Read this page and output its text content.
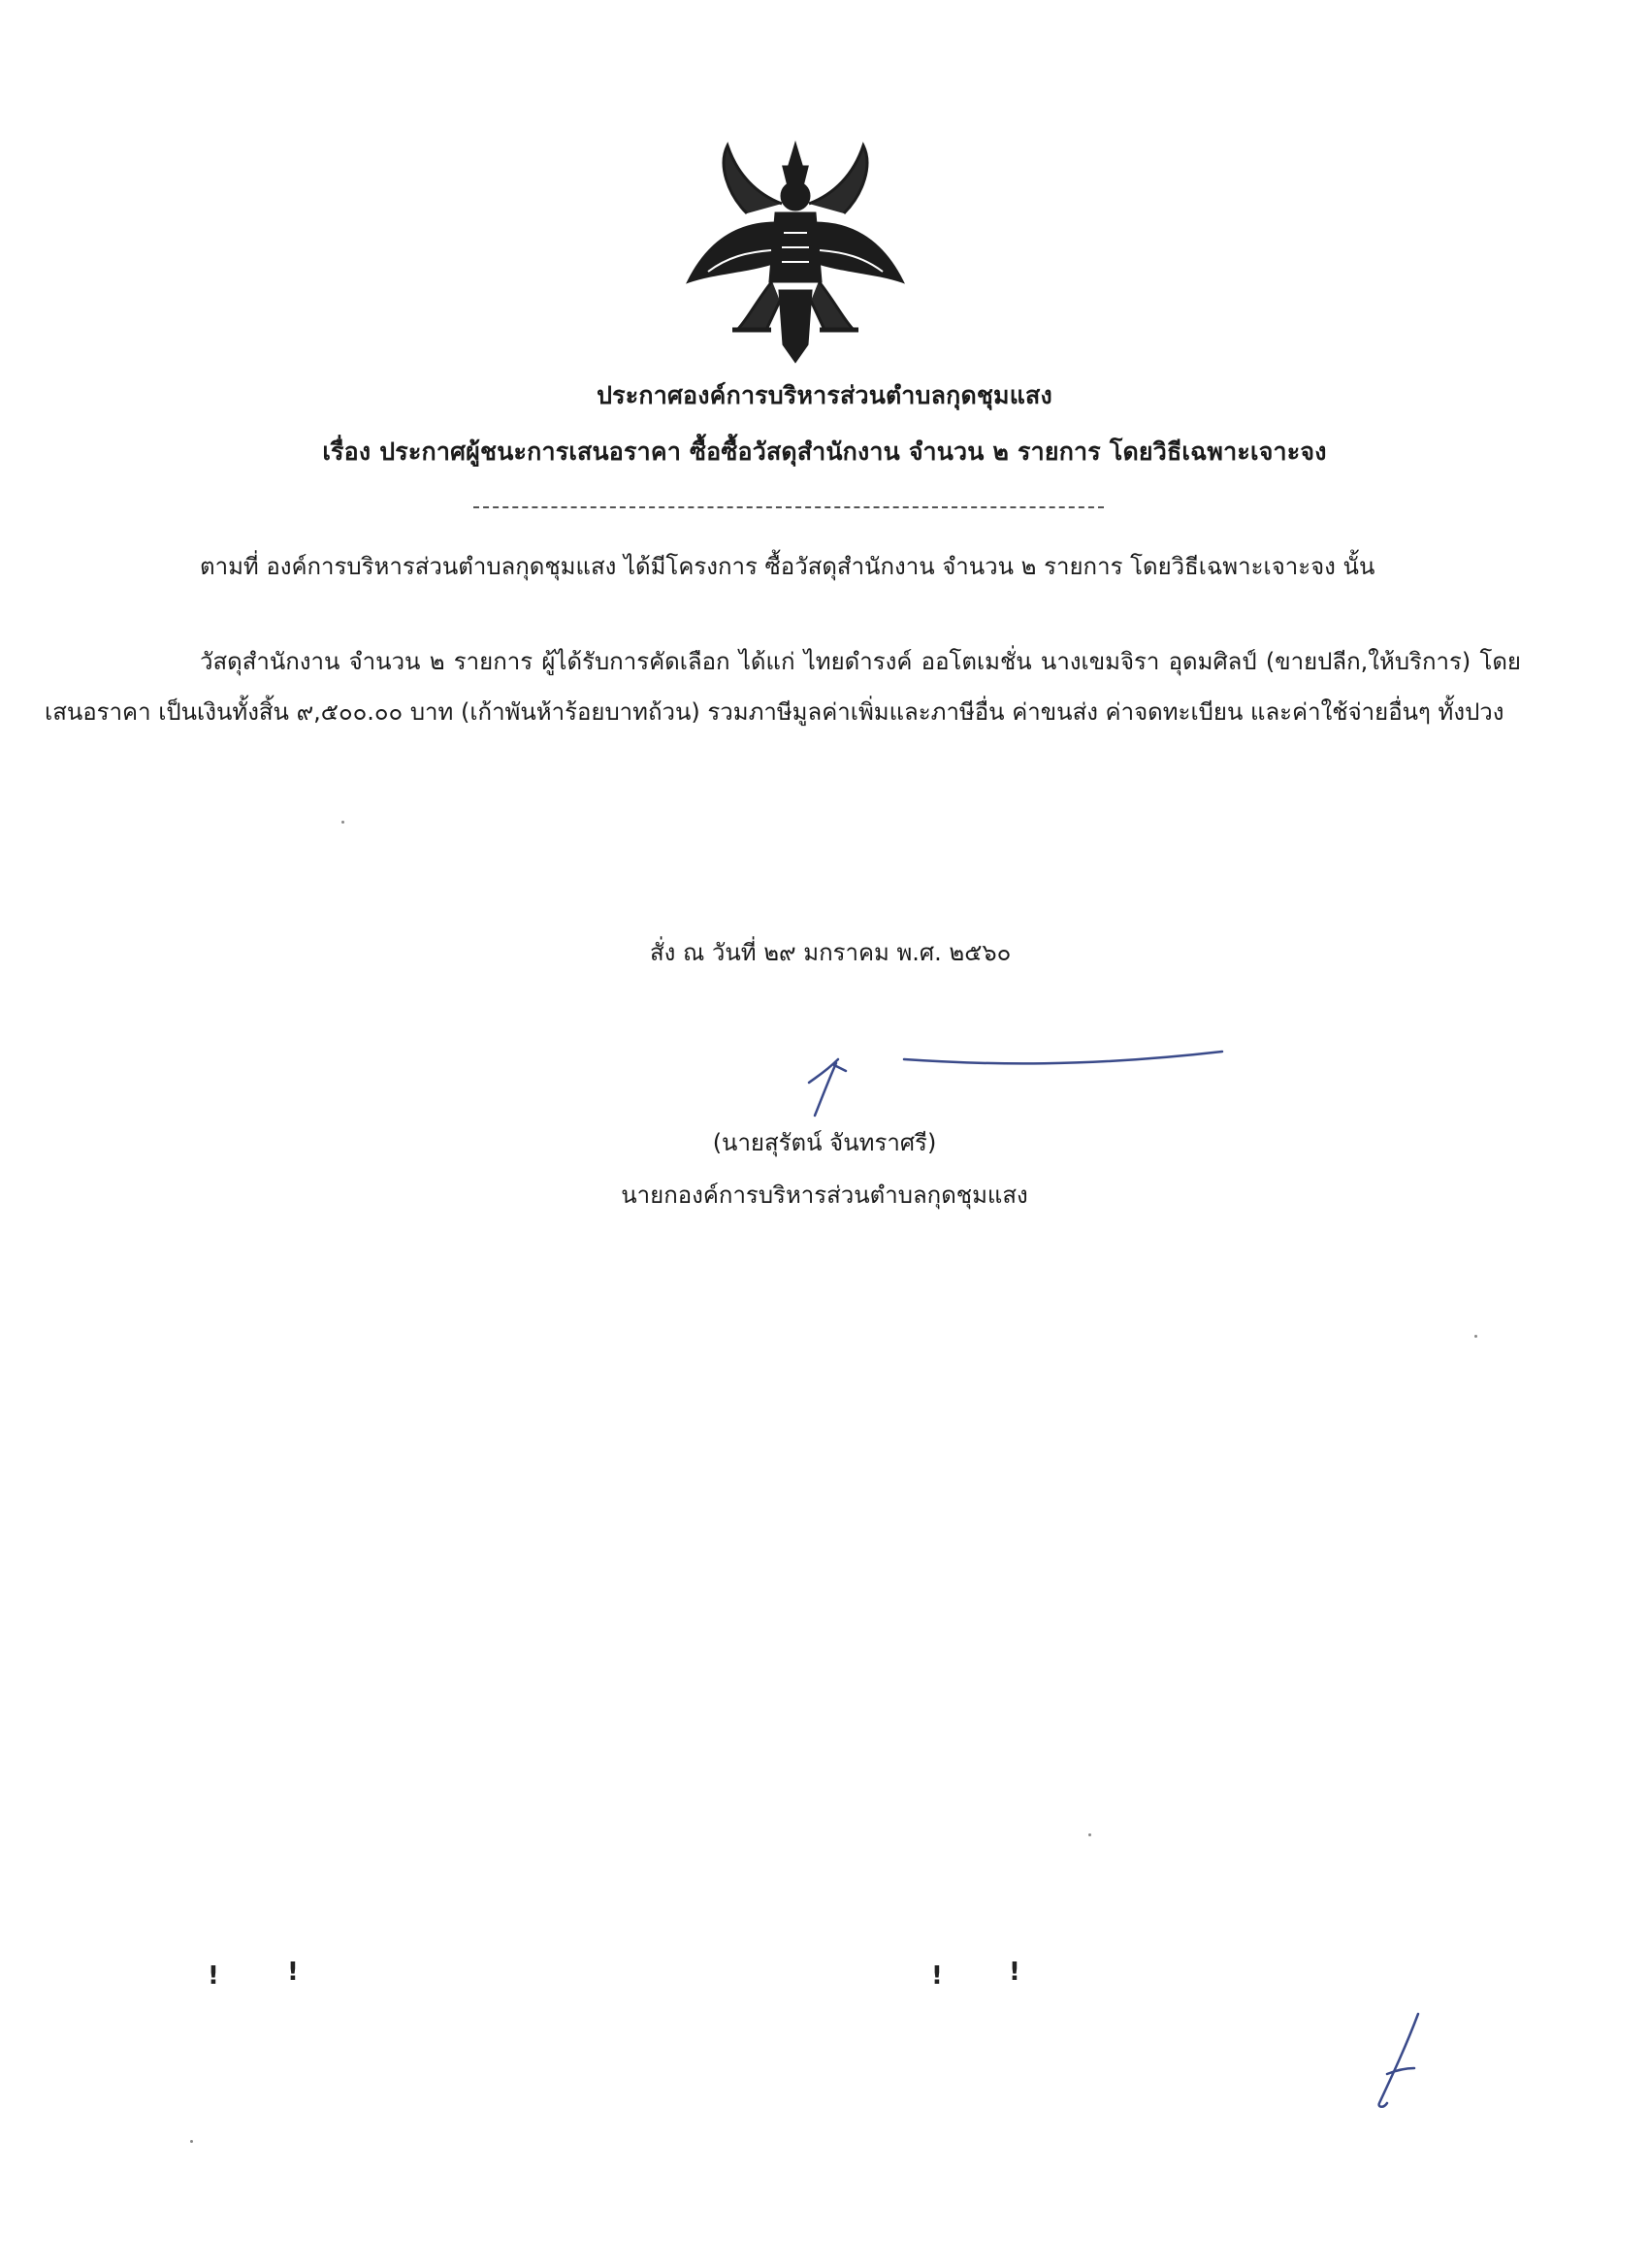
ประกาศองค์การบริหารส่วนตำบลกุดชุมแสง
เรื่อง ประกาศผู้ชนะการเสนอราคา ซื้อซื้อวัสดุสำนักงาน จำนวน ๒ รายการ โดยวิธีเฉพาะเจาะจง
ตามที่ องค์การบริหารส่วนตำบลกุดชุมแสง ได้มีโครงการ ซื้อวัสดุสำนักงาน จำนวน ๒ รายการ โดยวิธีเฉพาะเจาะจง นั้น
วัสดุสำนักงาน จำนวน ๒ รายการ ผู้ได้รับการคัดเลือก ได้แก่ ไทยดำรงค์ ออโตเมชั่น นางเขมจิรา อุดมศิลป์ (ขายปลีก,ให้บริการ) โดยเสนอราคา เป็นเงินทั้งสิ้น ๙,๕๐๐.๐๐ บาท (เก้าพันห้าร้อยบาทถ้วน) รวมภาษีมูลค่าเพิ่มและภาษีอื่น ค่าขนส่ง ค่าจดทะเบียน และค่าใช้จ่ายอื่นๆ ทั้งปวง
สั่ง ณ วันที่ ๒๙ มกราคม พ.ศ. ๒๕๖๐
(นายสุรัตน์ จันทราศรี)
นายกองค์การบริหารส่วนตำบลกุดชุมแสง
!	!	!	!
